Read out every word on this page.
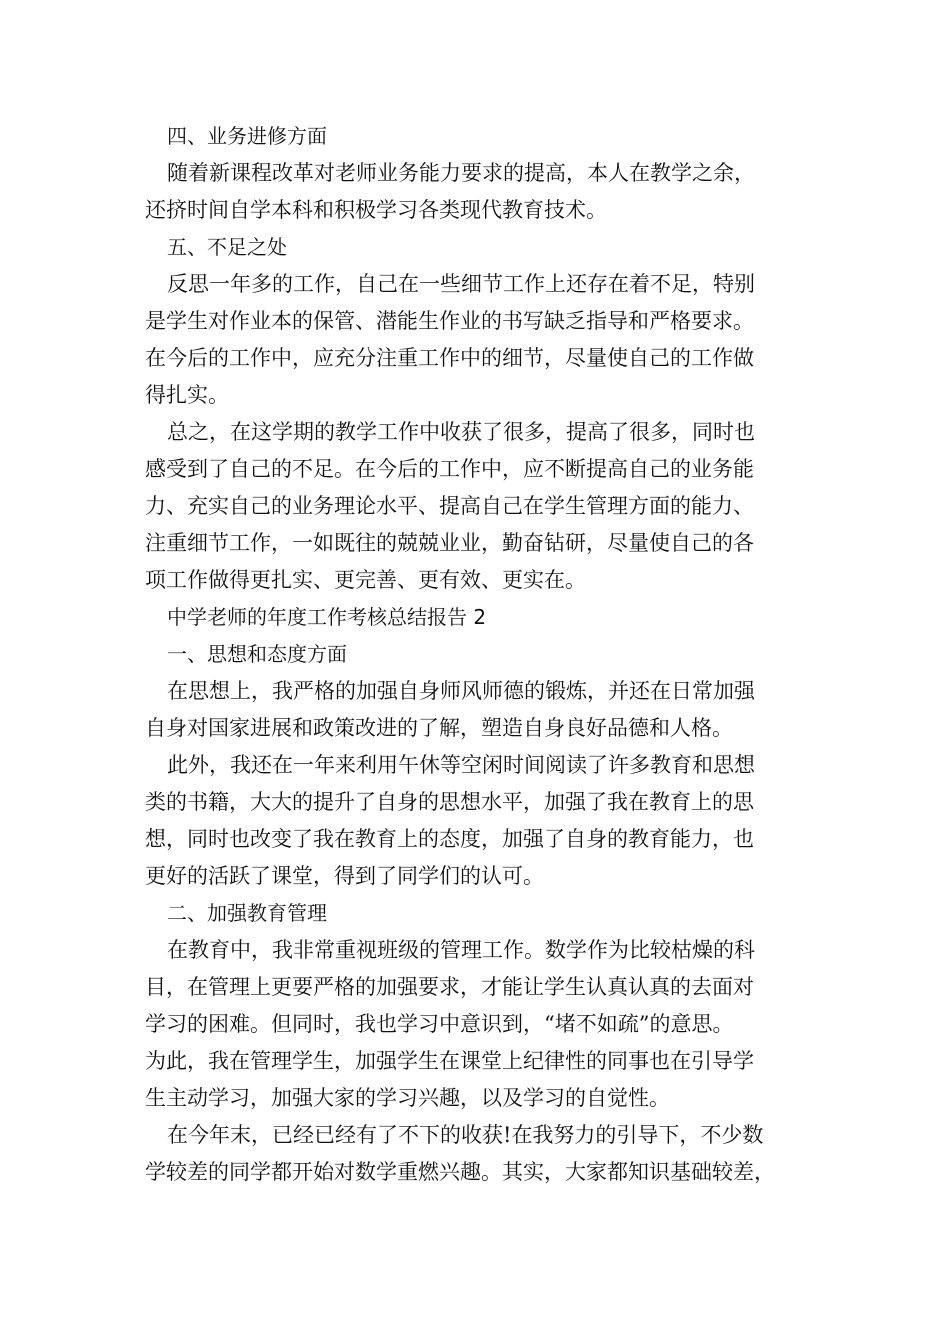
四、业务进修方面
随着新课程改革对老师业务能力要求的提高，本人在教学之余，
还挤时间自学本科和积极学习各类现代教育技术。
五、不足之处
反思一年多的工作，自己在一些细节工作上还存在着不足，特别
是学生对作业本的保管、潜能生作业的书写缺乏指导和严格要求。
在今后的工作中，应充分注重工作中的细节，尽量使自己的工作做
得扎实。
总之，在这学期的教学工作中收获了很多，提高了很多，同时也
感受到了自己的不足。在今后的工作中，应不断提高自己的业务能
力、充实自己的业务理论水平、提高自己在学生管理方面的能力、
注重细节工作，一如既往的兢兢业业，勤奋钻研，尽量使自己的各
项工作做得更扎实、更完善、更有效、更实在。
中学老师的年度工作考核总结报告 2
一、思想和态度方面
在思想上，我严格的加强自身师风师德的锻炼，并还在日常加强
自身对国家进展和政策改进的了解，塑造自身良好品德和人格。
此外，我还在一年来利用午休等空闲时间阅读了许多教育和思想
类的书籍，大大的提升了自身的思想水平，加强了我在教育上的思
想，同时也改变了我在教育上的态度，加强了自身的教育能力，也
更好的活跃了课堂，得到了同学们的认可。
二、加强教育管理
在教育中，我非常重视班级的管理工作。数学作为比较枯燥的科
目，在管理上更要严格的加强要求，才能让学生认真认真的去面对
学习的困难。但同时，我也学习中意识到，“堵不如疏”的意思。
为此，我在管理学生，加强学生在课堂上纪律性的同事也在引导学
生主动学习，加强大家的学习兴趣，以及学习的自觉性。
在今年末，已经已经有了不下的收获!在我努力的引导下，不少数
学较差的同学都开始对数学重燃兴趣。其实，大家都知识基础较差，
